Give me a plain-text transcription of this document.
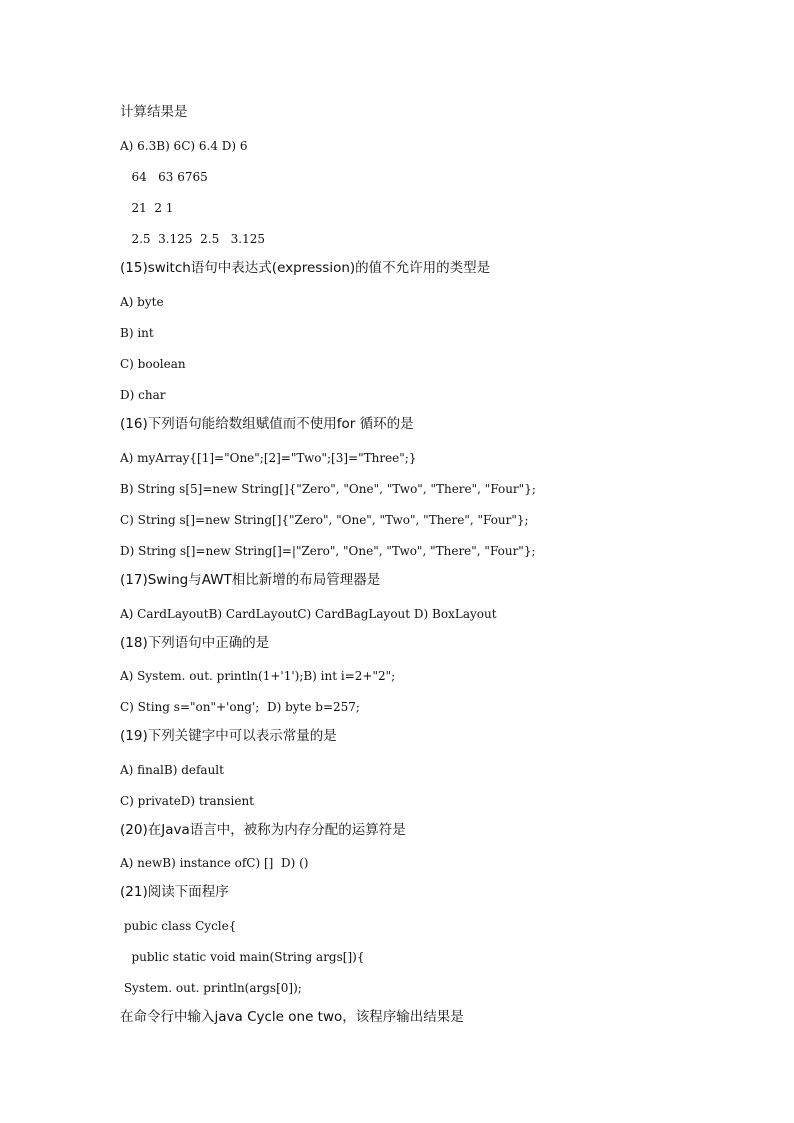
计算结果是
A) 6.3B) 6C) 6.4 D) 6
64   63 6765
21  2 1
2.5  3.125  2.5   3.125
(15)switch语句中表达式(expression)的值不允许用的类型是
A) byte
B) int
C) boolean
D) char
(16)下列语句能给数组赋值而不使用for 循环的是
A) myArray{[1]="One";[2]="Two";[3]="Three";}
B) String s[5]=new String[]{"Zero", "One", "Two", "There", "Four"};
C) String s[]=new String[]{"Zero", "One", "Two", "There", "Four"};
D) String s[]=new String[]=|"Zero", "One", "Two", "There", "Four"};
(17)Swing与AWT相比新增的布局管理器是
A) CardLayoutB) CardLayoutC) CardBagLayout D) BoxLayout
(18)下列语句中正确的是
A) System. out. println(1+'1');B) int i=2+"2";
C) Sting s="on"+'ong';  D) byte b=257;
(19)下列关键字中可以表示常量的是
A) finalB) default
C) privateD) transient
(20)在Java语言中，被称为内存分配的运算符是
A) newB) instance ofC) []  D) ()
(21)阅读下面程序
pubic class Cycle{
public static void main(String args[]){
System. out. println(args[0]);
在命令行中输入java Cycle one two，该程序输出结果是
